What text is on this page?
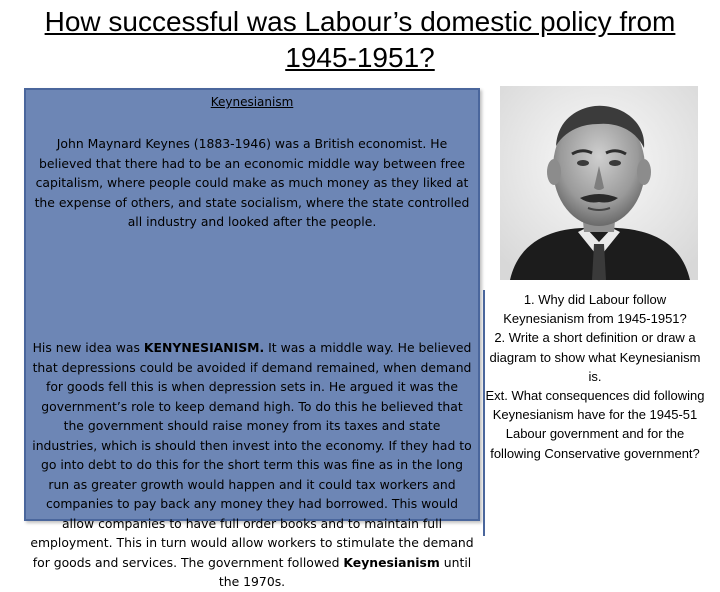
How successful was Labour’s domestic policy from
1945-1951?
Keynesianism

John Maynard Keynes (1883-1946) was a British economist. He believed that there had to be an economic middle way between free capitalism, where people could make as much money as they liked at the expense of others, and state socialism, where the state controlled all industry and looked after the people.

His new idea was KENYNESIANISM. It was a middle way. He believed that depressions could be avoided if demand remained, when demand for goods fell this is when depression sets in. He argued it was the government’s role to keep demand high. To do this he believed that the government should raise money from its taxes and state industries, which is should then invest into the economy. If they had to go into debt to do this for the short term this was fine as in the long run as greater growth would happen and it could tax workers and companies to pay back any money they had borrowed. This would allow companies to have full order books and to maintain full employment. This in turn would allow workers to stimulate the demand for goods and services. The government followed Keynesianism until the 1970s.

1. Why did Labour follow Keynesianism from 1945-1951?
2. Write a short definition or draw a diagram to show what Keynesianism is.
Ext. What consequences did following Keynesianism have for the 1945-51 Labour government and for the following Conservative government?
